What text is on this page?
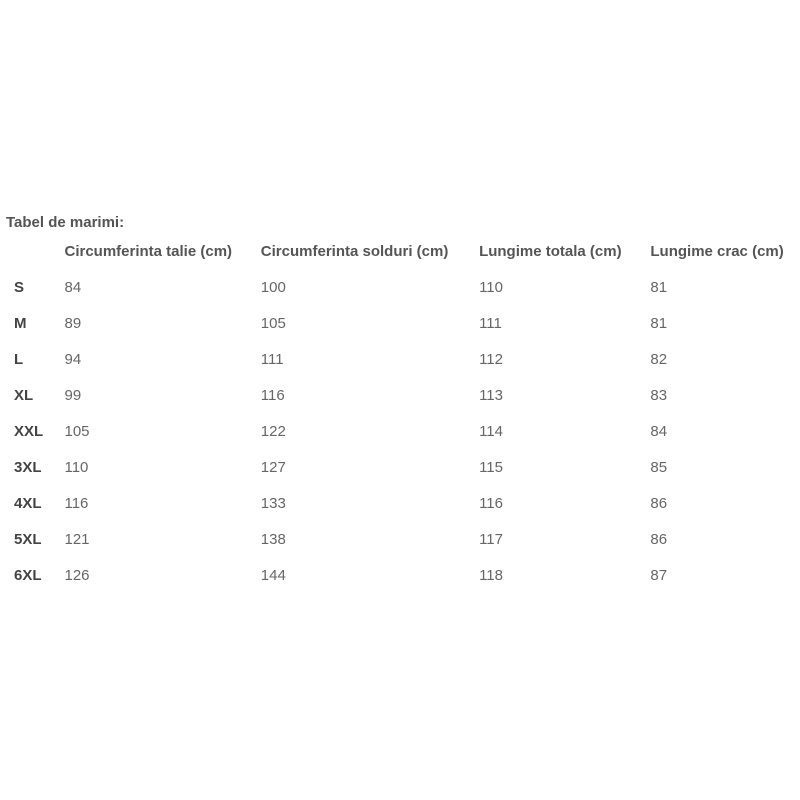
Tabel de marimi:
	Circumferinta talie (cm)	Circumferinta solduri (cm)	Lungime totala (cm)	Lungime crac (cm)
S	84	100	110	81
M	89	105	111	81
L	94	111	112	82
XL	99	116	113	83
XXL	105	122	114	84
3XL	110	127	115	85
4XL	116	133	116	86
5XL	121	138	117	86
6XL	126	144	118	87
